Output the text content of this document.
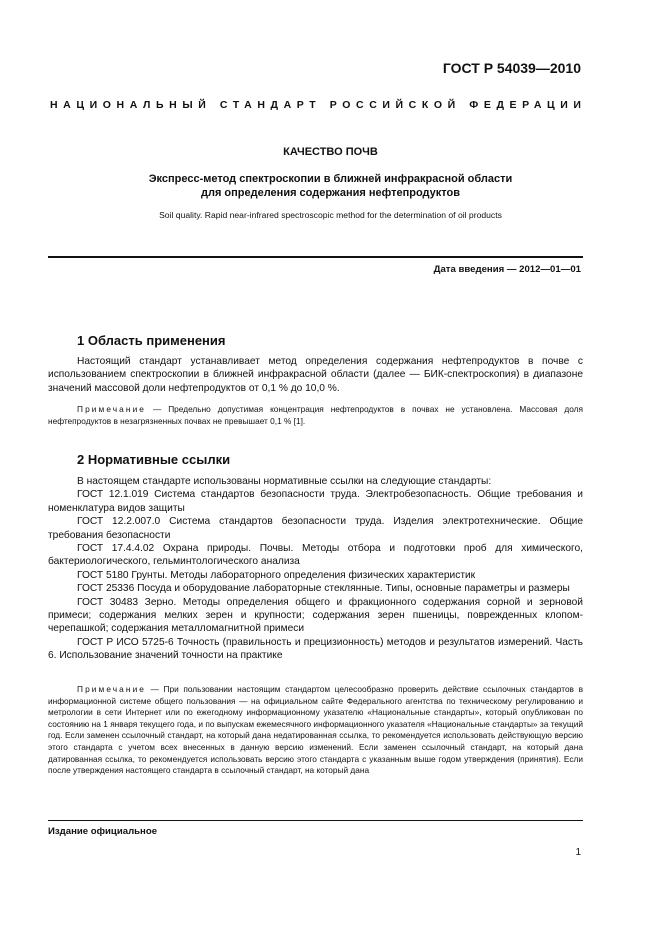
ГОСТ Р 54039—2010
НАЦИОНАЛЬНЫЙ СТАНДАРТ РОССИЙСКОЙ ФЕДЕРАЦИИ
КАЧЕСТВО ПОЧВ
Экспресс-метод спектроскопии в ближней инфракрасной области
для определения содержания нефтепродуктов
Soil quality. Rapid near-infrared spectroscopic method for the determination of oil products
Дата введения — 2012—01—01
1 Область применения

Настоящий стандарт устанавливает метод определения содержания нефтепродуктов в почве с использованием спектроскопии в ближней инфракрасной области (далее — БИК-спектроскопия) в диапазоне значений массовой доли нефтепродуктов от 0,1 % до 10,0 %.

Примечание — Предельно допустимая концентрация нефтепродуктов в почвах не установлена. Массовая доля нефтепродуктов в незагрязненных почвах не превышает 0,1 % [1].

2 Нормативные ссылки
В настоящем стандарте использованы нормативные ссылки на следующие стандарты:
ГОСТ 12.1.019 Система стандартов безопасности труда. Электробезопасность. Общие требования и номенклатура видов защиты
ГОСТ 12.2.007.0 Система стандартов безопасности труда. Изделия электротехнические. Общие требования безопасности
ГОСТ 17.4.4.02 Охрана природы. Почвы. Методы отбора и подготовки проб для химического, бактериологического, гельминтологического анализа
ГОСТ 5180 Грунты. Методы лабораторного определения физических характеристик
ГОСТ 25336 Посуда и оборудование лабораторные стеклянные. Типы, основные параметры и размеры
ГОСТ 30483 Зерно. Методы определения общего и фракционного содержания сорной и зерновой примеси; содержания мелких зерен и крупности; содержания зерен пшеницы, поврежденных клопом-черепашкой; содержания металломагнитной примеси
ГОСТ Р ИСО 5725-6 Точность (правильность и прецизионность) методов и результатов измерений. Часть 6. Использование значений точности на практике

Примечание — При пользовании настоящим стандартом целесообразно проверить действие ссылочных стандартов в информационной системе общего пользования — на официальном сайте Федерального агентства по техническому регулированию и метрологии в сети Интернет или по ежегодному информационному указателю «Национальные стандарты», который опубликован по состоянию на 1 января текущего года, и по выпускам ежемесячного информационного указателя «Национальные стандарты» за текущий год. Если заменен ссылочный стандарт, на который дана недатированная ссылка, то рекомендуется использовать действующую версию этого стандарта с учетом всех внесенных в данную версию изменений. Если заменен ссылочный стандарт, на который дана датированная ссылка, то рекомендуется использовать версию этого стандарта с указанным выше годом утверждения (принятия). Если после утверждения настоящего стандарта в ссылочный стандарт, на который дана

Издание официальное
1
